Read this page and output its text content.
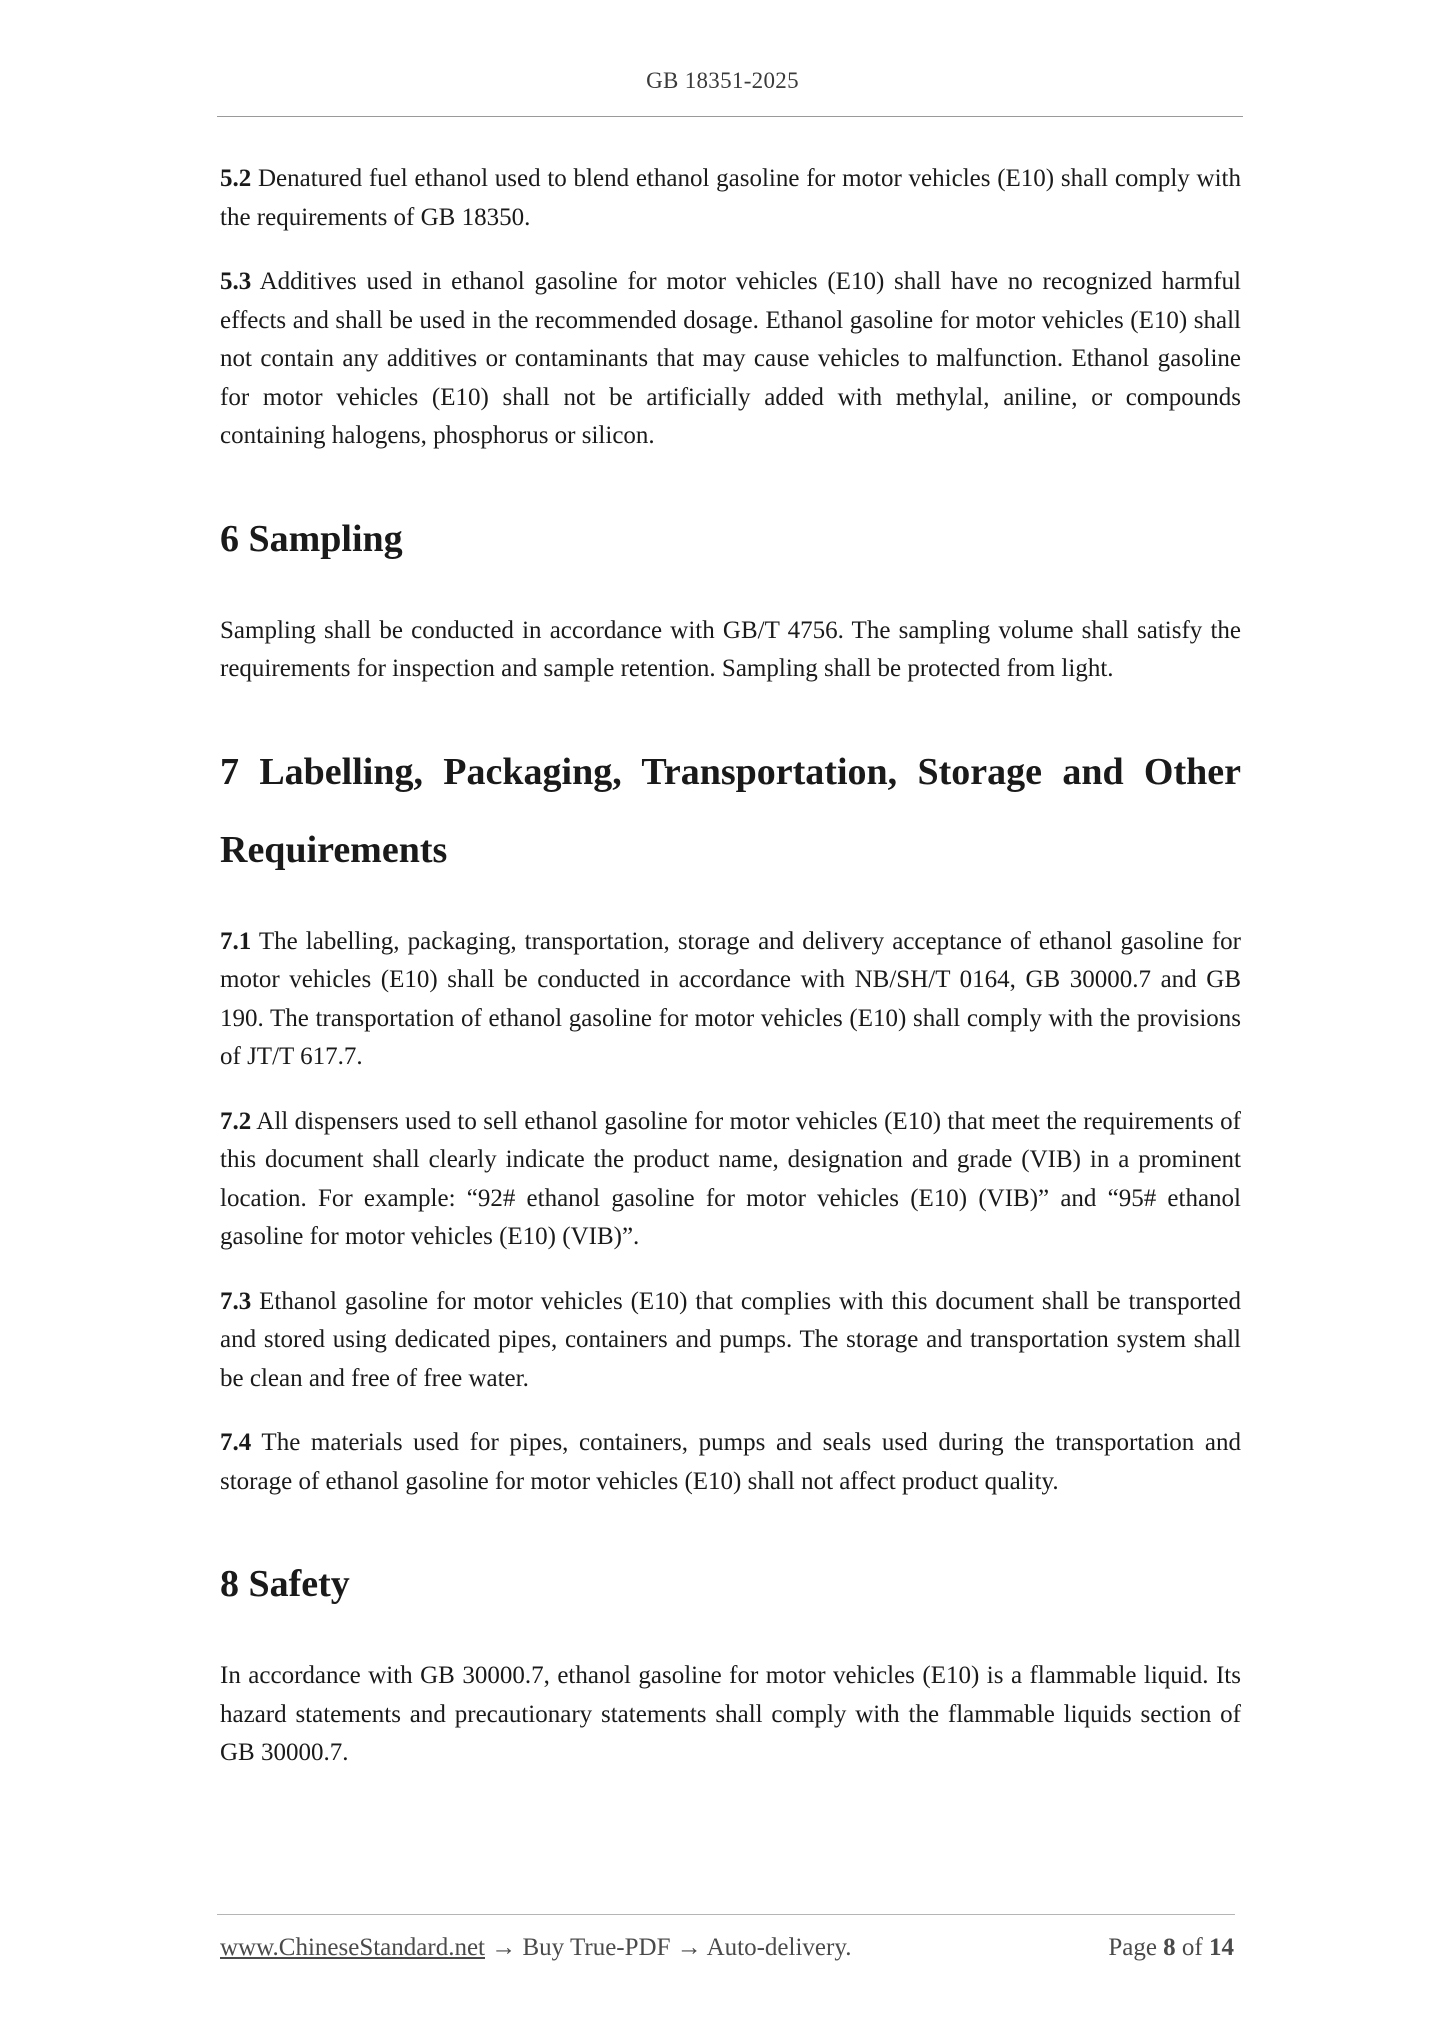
GB 18351-2025

5.2 Denatured fuel ethanol used to blend ethanol gasoline for motor vehicles (E10) shall comply with the requirements of GB 18350.

5.3 Additives used in ethanol gasoline for motor vehicles (E10) shall have no recognized harmful effects and shall be used in the recommended dosage. Ethanol gasoline for motor vehicles (E10) shall not contain any additives or contaminants that may cause vehicles to malfunction. Ethanol gasoline for motor vehicles (E10) shall not be artificially added with methylal, aniline, or compounds containing halogens, phosphorus or silicon.

6 Sampling

Sampling shall be conducted in accordance with GB/T 4756. The sampling volume shall satisfy the requirements for inspection and sample retention. Sampling shall be protected from light.

7 Labelling, Packaging, Transportation, Storage and Other Requirements

7.1 The labelling, packaging, transportation, storage and delivery acceptance of ethanol gasoline for motor vehicles (E10) shall be conducted in accordance with NB/SH/T 0164, GB 30000.7 and GB 190. The transportation of ethanol gasoline for motor vehicles (E10) shall comply with the provisions of JT/T 617.7.

7.2 All dispensers used to sell ethanol gasoline for motor vehicles (E10) that meet the requirements of this document shall clearly indicate the product name, designation and grade (VIB) in a prominent location. For example: “92# ethanol gasoline for motor vehicles (E10) (VIB)” and “95# ethanol gasoline for motor vehicles (E10) (VIB)”.

7.3 Ethanol gasoline for motor vehicles (E10) that complies with this document shall be transported and stored using dedicated pipes, containers and pumps. The storage and transportation system shall be clean and free of free water.

7.4 The materials used for pipes, containers, pumps and seals used during the transportation and storage of ethanol gasoline for motor vehicles (E10) shall not affect product quality.

8 Safety

In accordance with GB 30000.7, ethanol gasoline for motor vehicles (E10) is a flammable liquid. Its hazard statements and precautionary statements shall comply with the flammable liquids section of GB 30000.7.

www.ChineseStandard.net → Buy True-PDF → Auto-delivery.	Page 8 of 14
